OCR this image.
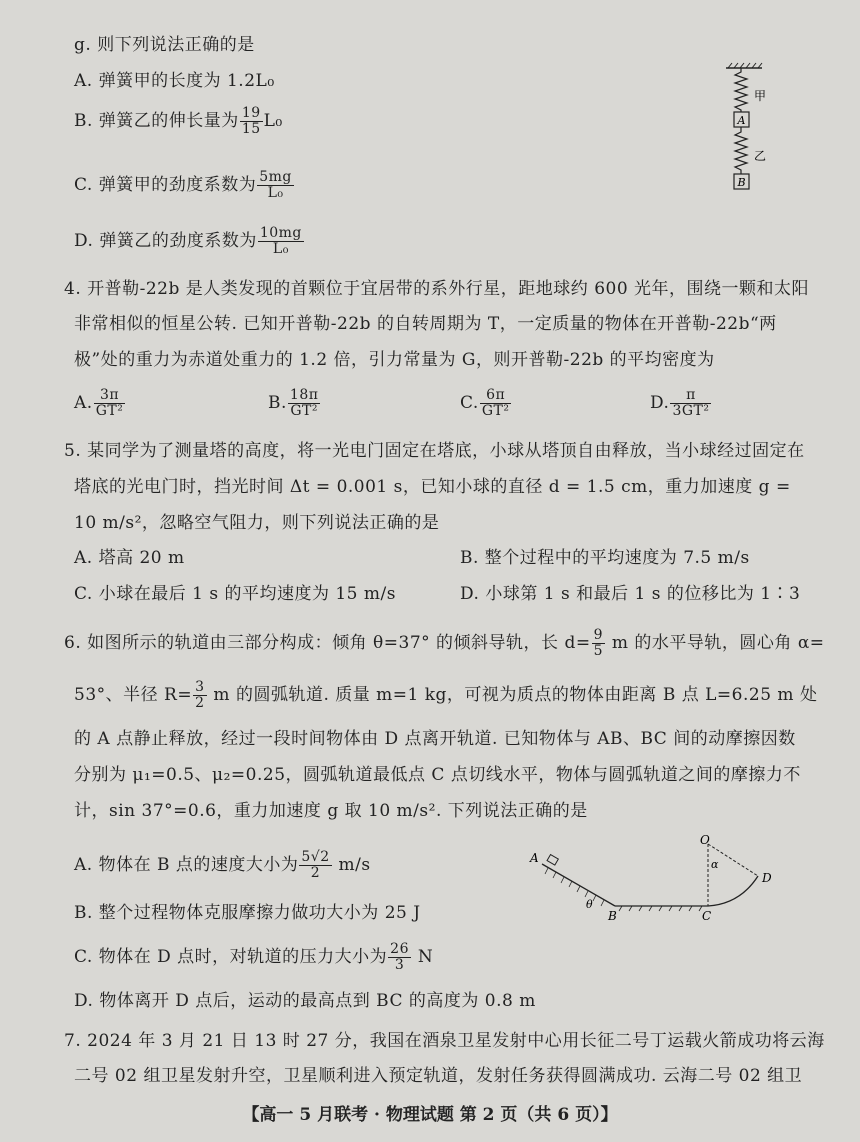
g. 则下列说法正确的是
A. 弹簧甲的长度为 1.2L₀
B. 弹簧乙的伸长量为 $\frac{19}{15} L_0$
C. 弹簧甲的劲度系数为 $\frac{5mg}{\text{L₀}}$
D. 弹簧乙的劲度系数为 $\frac{10mg}{\text{L₀}}$
甲
A
乙
B
4. 开普勒-22b 是人类发现的首颗位于宜居带的系外行星，距地球约 600 光年，围绕一颗和太阳
非常相似的恒星公转. 已知开普勒-22b 的自转周期为 T，一定质量的物体在开普勒-22b“两
极”处的重力为赤道处重力的 1.2 倍，引力常量为 G，则开普勒-22b 的平均密度为
A. $\frac{3\pi}{\text{GT²}}$	B. $\frac{18\pi}{\text{GT²}}$	C. $\frac{6\pi}{\text{GT²}}$	D. $\frac{\pi}{\text{3GT²}}$
5. 某同学为了测量塔的高度，将一光电门固定在塔底，小球从塔顶自由释放，当小球经过固定在
塔底的光电门时，挡光时间 Δt = 0.001 s，已知小球的直径 d = 1.5 cm，重力加速度 g =
10 m/s²，忽略空气阻力，则下列说法正确的是
A. 塔高 20 m	B. 整个过程中的平均速度为 7.5 m/s
C. 小球在最后 1 s 的平均速度为 15 m/s	D. 小球第 1 s 和最后 1 s 的位移比为 1∶3
6. 如图所示的轨道由三部分构成：倾角 θ=37° 的倾斜导轨，长 $d= \frac{9}{5}$ m 的水平导轨，圆心角 α=
53°、半径 $R= \frac{3}{2}$ m 的圆弧轨道. 质量 m=1 kg，可视为质点的物体由距离 B 点 L=6.25 m 处
的 A 点静止释放，经过一段时间物体由 D 点离开轨道. 已知物体与 AB、BC 间的动摩擦因数
分别为 μ₁=0.5、μ₂=0.25，圆弧轨道最低点 C 点切线水平，物体与圆弧轨道之间的摩擦力不
计，sin 37°=0.6，重力加速度 g 取 10 m/s². 下列说法正确的是
A. 物体在 B 点的速度大小为 $\frac{5√2}{2} m/s$
B. 整个过程物体克服摩擦力做功大小为 25 J
C. 物体在 D 点时，对轨道的压力大小为 $\frac{26}{3}$ N
D. 物体离开 D 点后，运动的最高点到 BC 的高度为 0.8 m
A
θ
B	C
O
α
D
7. 2024 年 3 月 21 日 13 时 27 分，我国在酒泉卫星发射中心用长征二号丁运载火箭成功将云海
二号 02 组卫星发射升空，卫星顺利进入预定轨道，发射任务获得圆满成功. 云海二号 02 组卫
【高一 5 月联考 · 物理试题 第 2 页（共 6 页）】
